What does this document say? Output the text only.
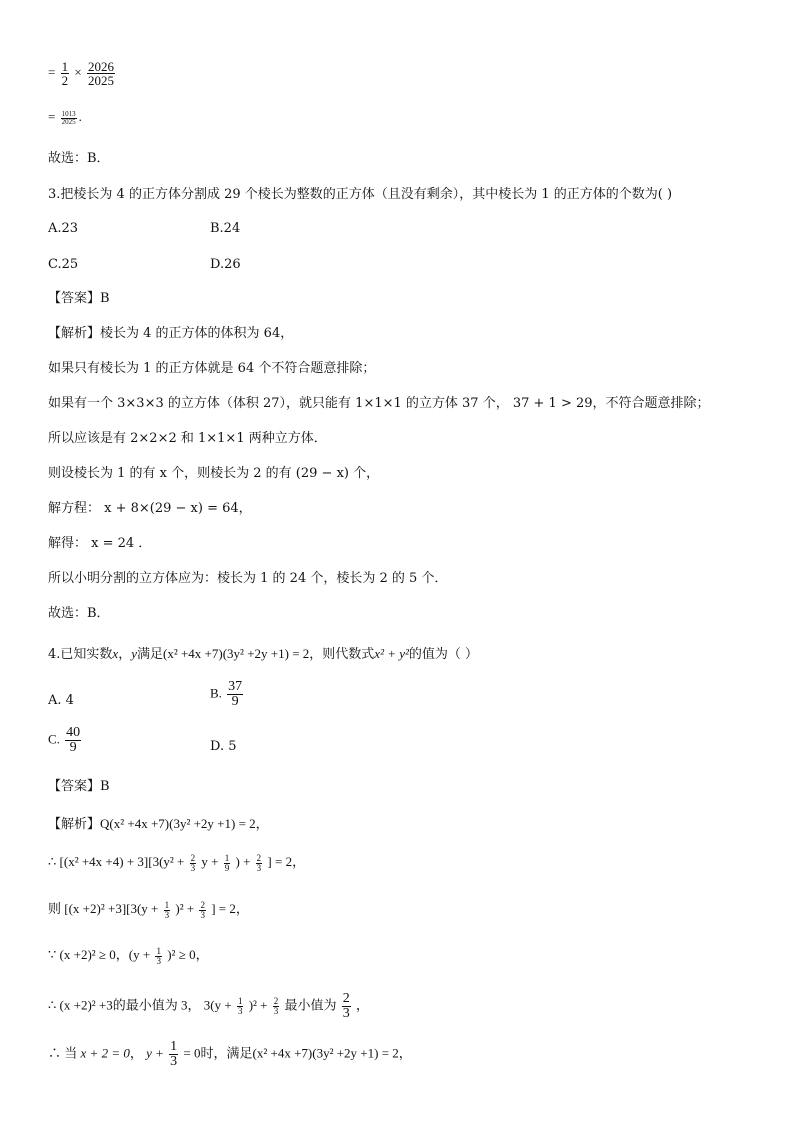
= $\frac{1}{2} \times \frac{2026}{2025}$
= $\frac{1013}{2025}$ .
故选：B．
3.把棱长为 4 的正方体分割成 29 个棱长为整数的正方体（且没有剩余），其中棱长为 1 的正方体的个数为( )
A.23	B.24
C.25	D.26
【答案】B
【解析】棱长为 4 的正方体的体积为 64，
如果只有棱长为 1 的正方体就是 64 个不符合题意排除；
如果有一个 3×3×3 的立方体（体积 27），就只能有 1×1×1 的立方体 37 个， 37 + 1 > 29，不符合题意排除；
所以应该是有 2×2×2 和 1×1×1 两种立方体．
则设棱长为 1 的有 x 个，则棱长为 2 的有 (29 − x) 个，
解方程： x + 8×(29 − x) = 64，
解得： x = 24 ．
所以小明分割的立方体应为：棱长为 1 的 24 个，棱长为 2 的 5 个．
故选：B．
4.已知实数x，y满足(x² +4x +7)(3y² +2y +1) = 2，则代数式x² + y²的值为（ ）
A. 4
B. $\frac{37}{9}$
C. $\frac{40}{9}$	D. 5
【答案】B
【解析】Q(x² +4x +7)(3y² +2y +1) = 2，
∴ $[(x^2 +4x +4) + 3][3(y^2 + \frac{2}{3}$ $y + \frac{1}{9}$ ) + $\frac{2}{3}$ ] = 2，
则 $[(x +2)^2 +3][3(y + \frac{1}{3} )^2 + \frac{2}{3}$ ] = 2，
∵ (x +2)² ≥ 0，$(y + \frac{1}{3} )^2 \ge 0$，
∴ (x +2)² +3的最小值为 3， $3(y + \frac{1}{3} )^2 + \frac{2}{3}$ 最小值为 $\frac{2}{3}$ ，
∴ 当 x + 2 = 0， $y + \frac{1}{3} = 0$时，满足(x² +4x +7)(3y² +2y +1) = 2，
